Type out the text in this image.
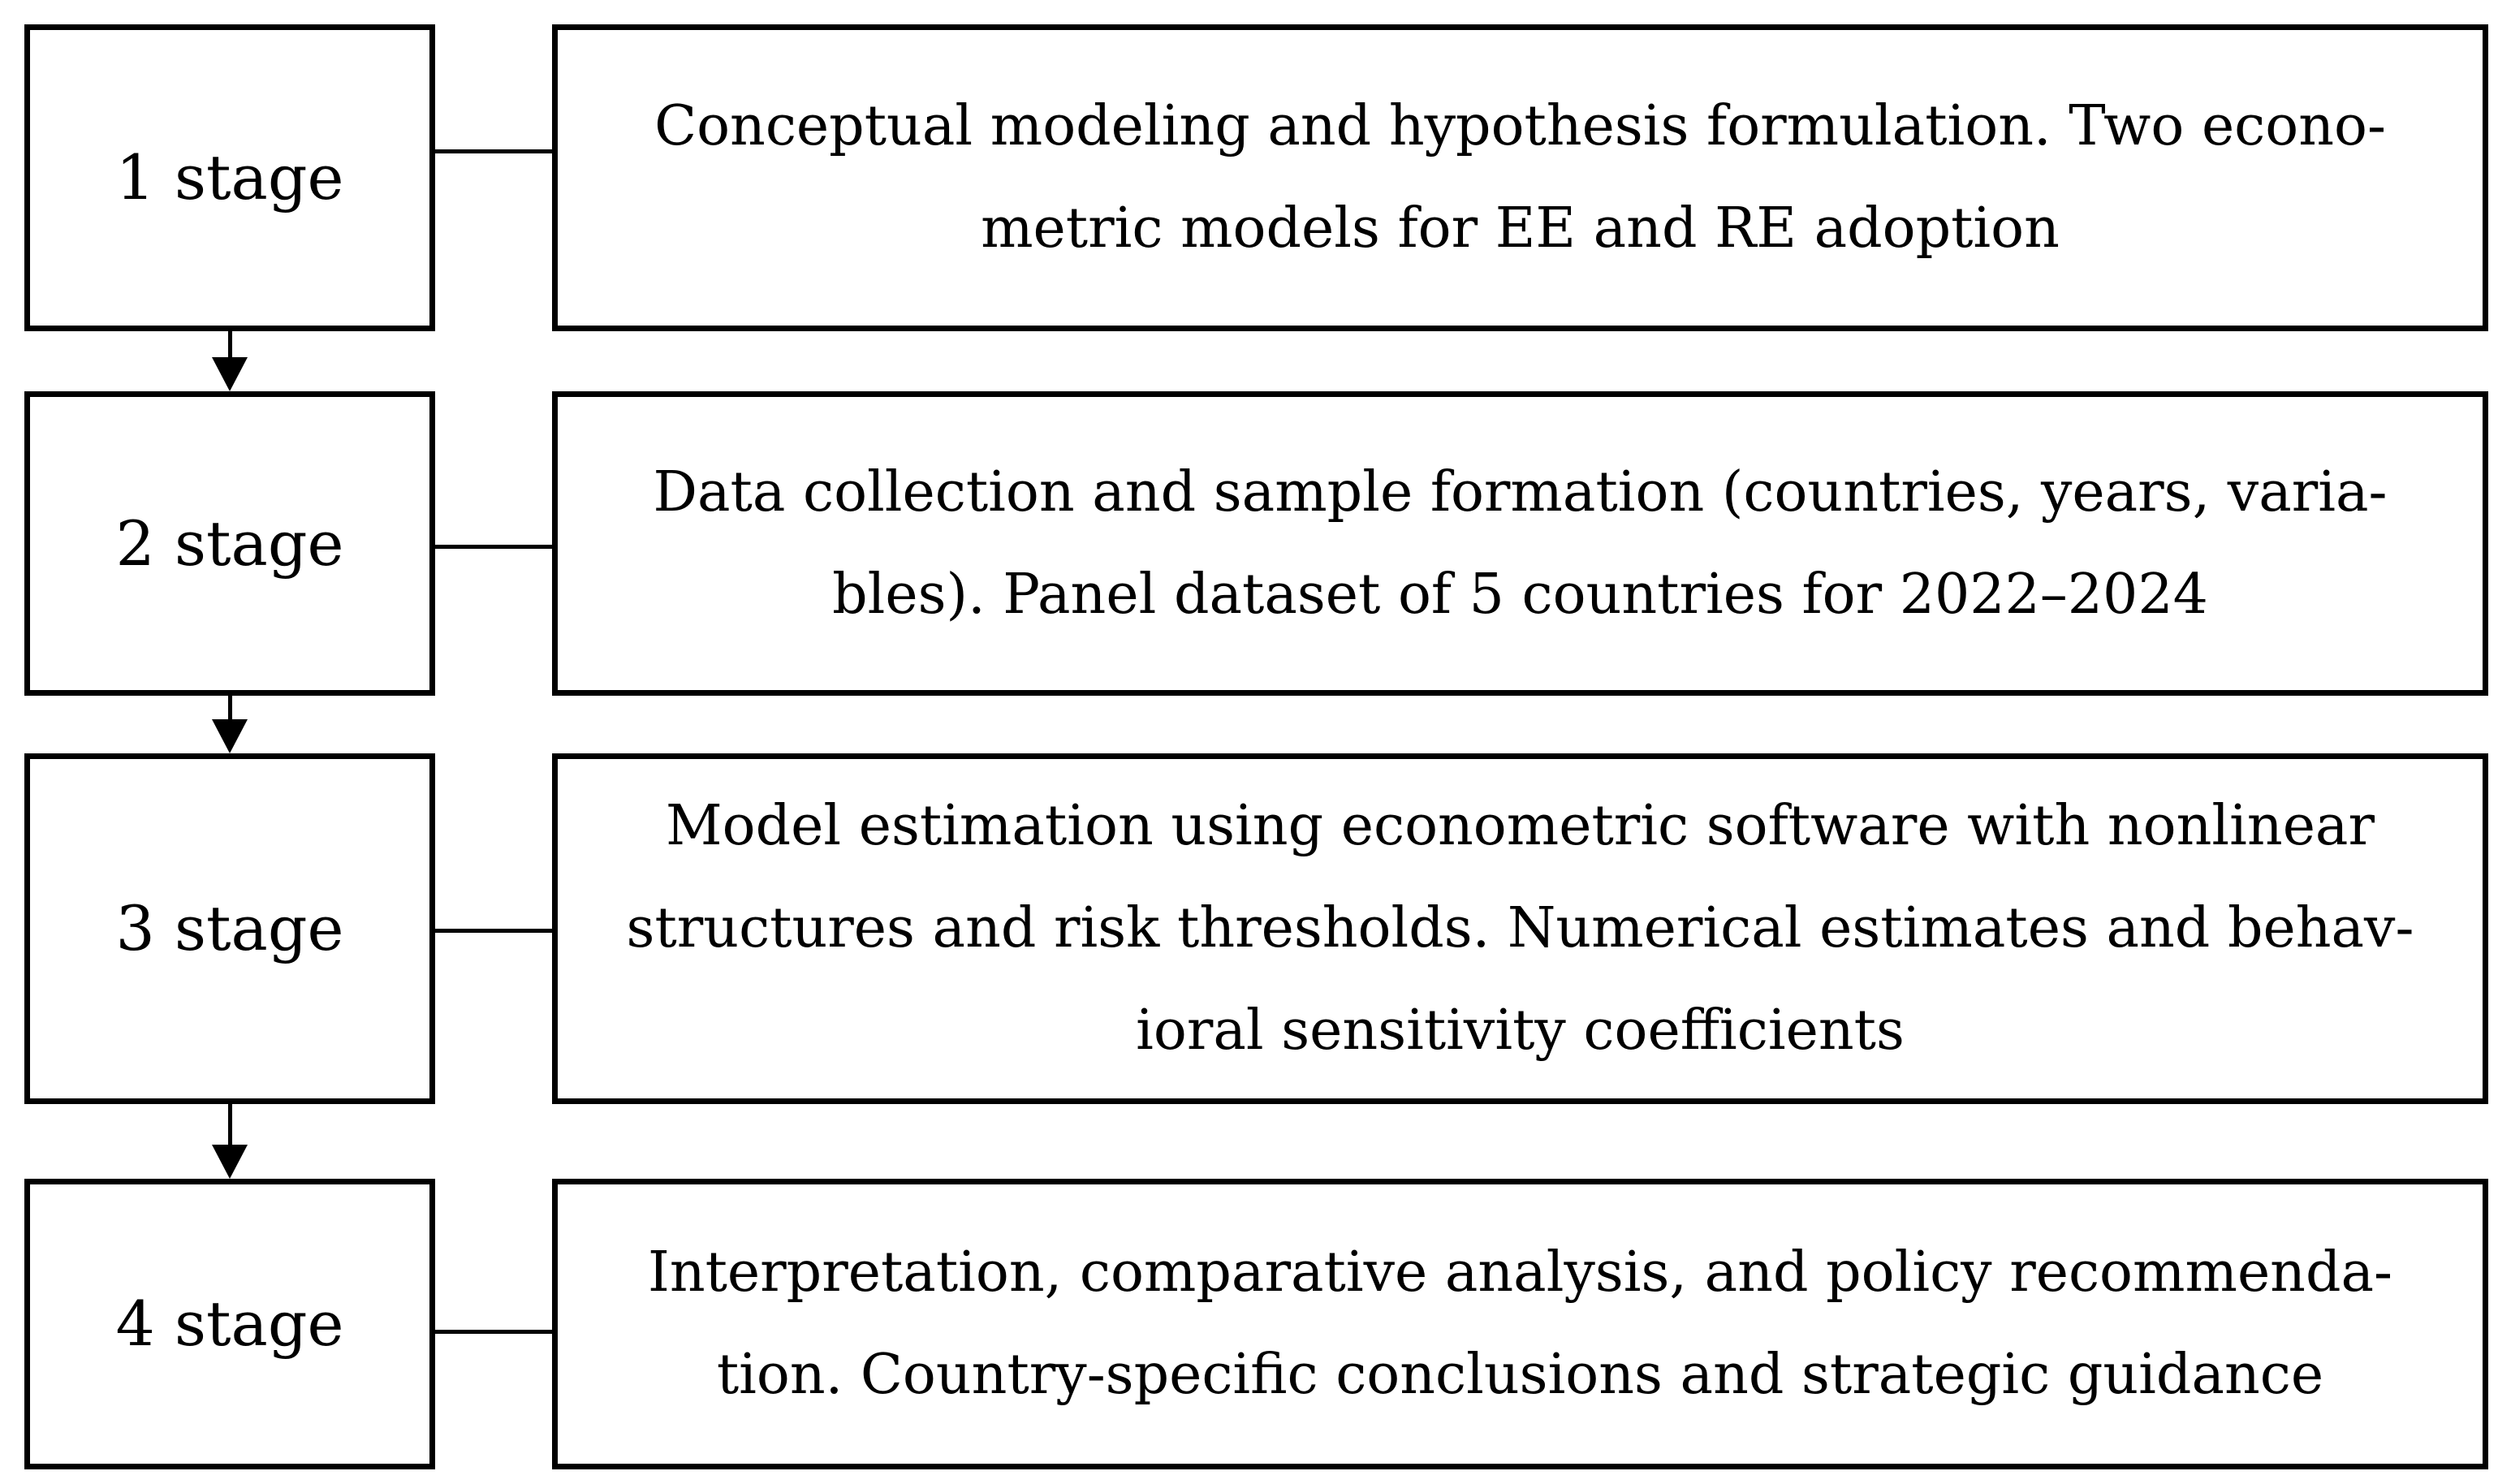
1 stage
Conceptual modeling and hypothesis formulation. Two econo-
metric models for EE and RE adoption
2 stage
Data collection and sample formation (countries, years, varia-
bles). Panel dataset of 5 countries for 2022–2024
3 stage
Model estimation using econometric software with nonlinear
structures and risk thresholds. Numerical estimates and behav-
ioral sensitivity coefficients
4 stage
Interpretation, comparative analysis, and policy recommenda-
tion. Country-specific conclusions and strategic guidance
